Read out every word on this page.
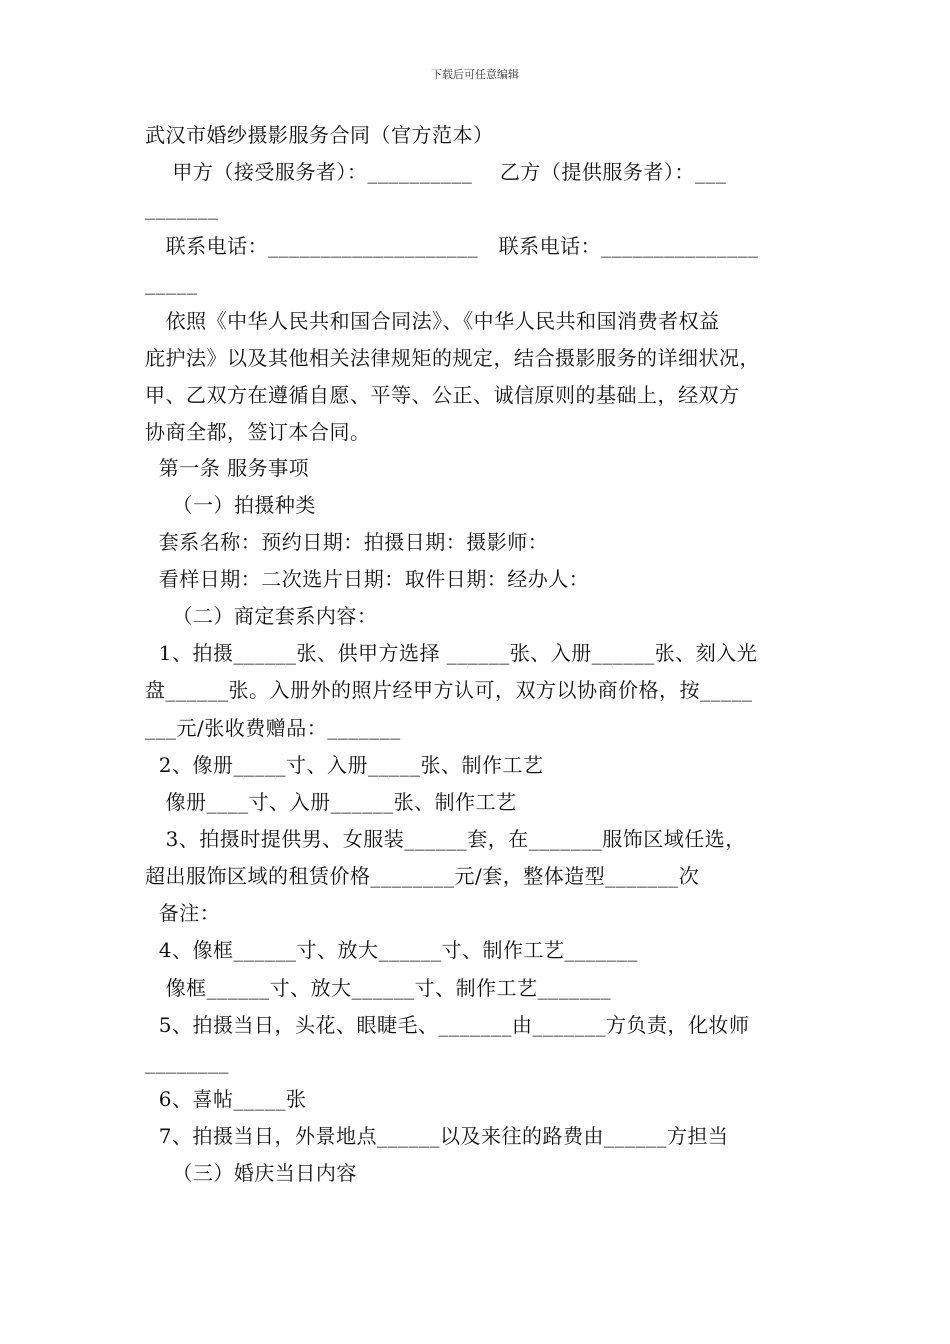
下载后可任意编辑
武汉市婚纱摄影服务合同（官方范本）
甲方（接受服务者）：__________    乙方（提供服务者）：___
_______
联系电话：____________________   联系电话：_______________
_____
依照《中华人民共和国合同法》、《中华人民共和国消费者权益
庇护法》以及其他相关法律规矩的规定，结合摄影服务的详细状况，
甲、乙双方在遵循自愿、平等、公正、诚信原则的基础上，经双方
协商全都，签订本合同。
第一条 服务事项
（一）拍摄种类
套系名称：预约日期：拍摄日期：摄影师：
看样日期：二次选片日期：取件日期：经办人：
（二）商定套系内容：
1、拍摄______张、供甲方选择 ______张、入册______张、刻入光
盘______张。入册外的照片经甲方认可，双方以协商价格，按_____
___元/张收费赠品：_______
2、像册_____寸、入册_____张、制作工艺
像册____寸、入册______张、制作工艺
3、拍摄时提供男、女服装______套，在_______服饰区域任选，
超出服饰区域的租赁价格________元/套，整体造型_______次
备注：
4、像框______寸、放大______寸、制作工艺_______
像框______寸、放大______寸、制作工艺_______
5、拍摄当日，头花、眼睫毛、_______由_______方负责，化妆师
________
6、喜帖_____张
7、拍摄当日，外景地点______以及来往的路费由______方担当
（三）婚庆当日内容
